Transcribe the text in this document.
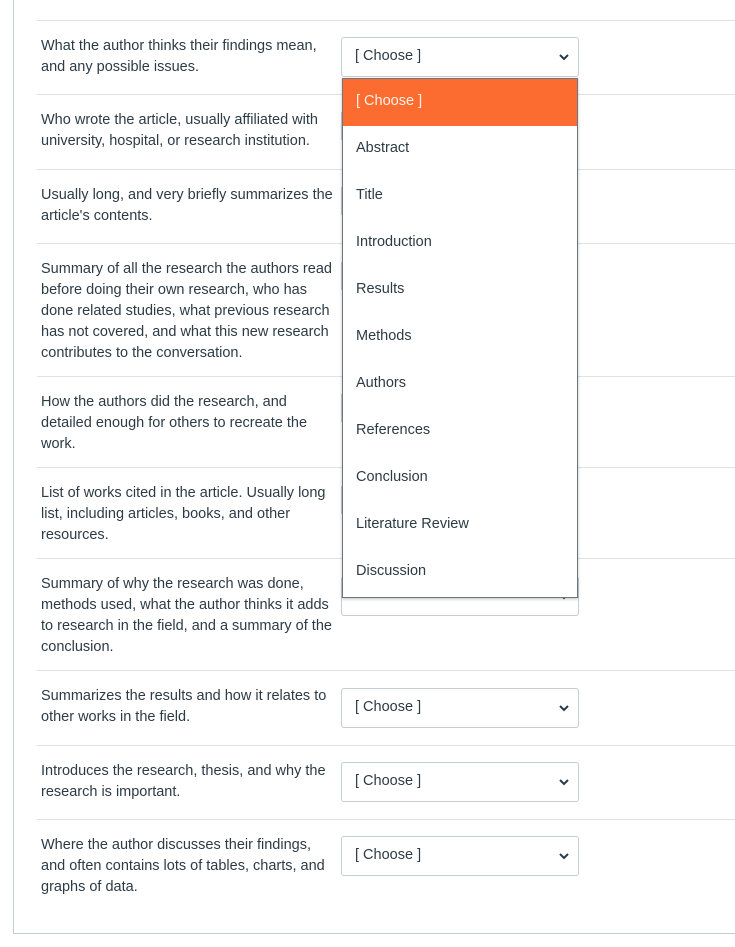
What the author thinks their findings mean, and any possible issues.
Who wrote the article, usually affiliated with university, hospital, or research institution.
Usually long, and very briefly summarizes the article's contents.
Summary of all the research the authors read before doing their own research, who has done related studies, what previous research has not covered, and what this new research contributes to the conversation.
How the authors did the research, and detailed enough for others to recreate the work.
List of works cited in the article. Usually long list, including articles, books, and other resources.
Summary of why the research was done, methods used, what the author thinks it adds to research in the field, and a summary of the conclusion.
Summarizes the results and how it relates to other works in the field.
Introduces the research, thesis, and why the research is important.
Where the author discusses their findings, and often contains lots of tables, charts, and graphs of data.
[ Choose ]
[ Choose ]
[ Choose ]
[ Choose ]
[ Choose ]
Abstract
Title
Introduction
Results
Methods
Authors
References
Conclusion
Literature Review
Discussion
